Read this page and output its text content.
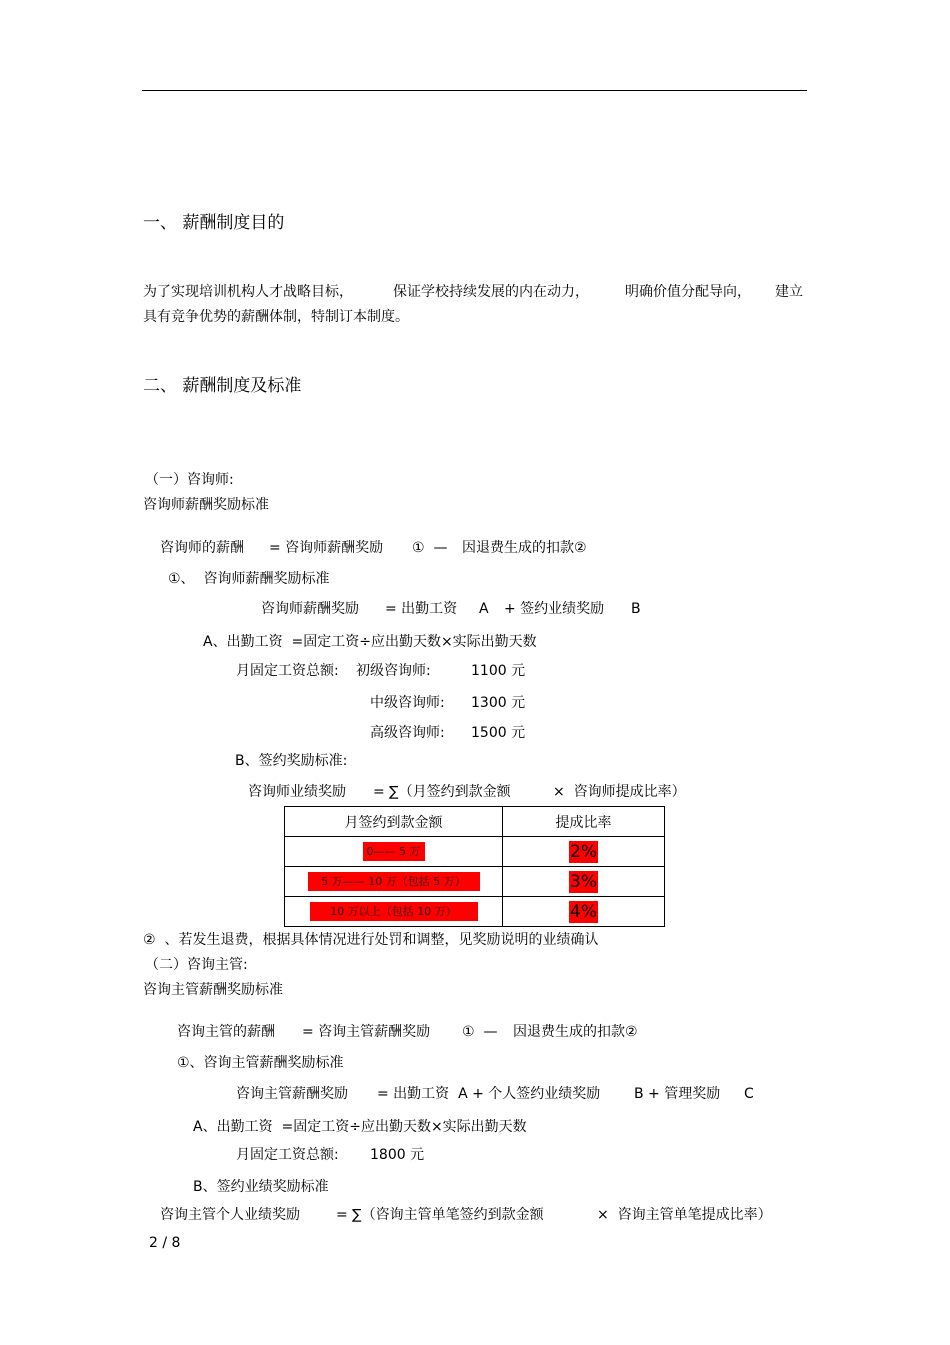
一、 薪酬制度目的
为了实现培训机构人才战略目标，	保证学校持续发展的内在动力，	明确价值分配导向， 建立
具有竞争优势的薪酬体制，特制订本制度。
二、 薪酬制度及标准
（一）咨询师:
咨询师薪酬奖励标准
咨询师的薪酬 = 咨询师薪酬奖励 ①  — 因退费生成的扣款②
①、  咨询师薪酬奖励标准
咨询师薪酬奖励 = 出勤工资 A + 签约业绩奖励 B
A、出勤工资  =固定工资÷应出勤天数×实际出勤天数
月固定工资总额: 初级咨询师:	1100 元
中级咨询师: 1300 元
高级咨询师: 1500 元
B、签约奖励标准:
咨询师业绩奖励 = ∑（月签约到款金额	×  咨询师提成比率）
月签约到款金额	提成比率
0—— 5 万	2%
5 万—— 10 万（包括 5 万）	3%
10 万以上（包括 10 万）	4%
②  、若发生退费，根据具体情况进行处罚和调整，见奖励说明的业绩确认
（二）咨询主管:
咨询主管薪酬奖励标准
咨询主管的薪酬 = 咨询主管薪酬奖励 ①  — 因退费生成的扣款②
①、咨询主管薪酬奖励标准
咨询主管薪酬奖励 = 出勤工资  A + 个人签约业绩奖励 B + 管理奖励 C
A、出勤工资  =固定工资÷应出勤天数×实际出勤天数
月固定工资总额: 1800 元
B、签约业绩奖励标准
咨询主管个人业绩奖励	= ∑（咨询主管单笔签约到款金额	×  咨询主管单笔提成比率）
2 / 8
